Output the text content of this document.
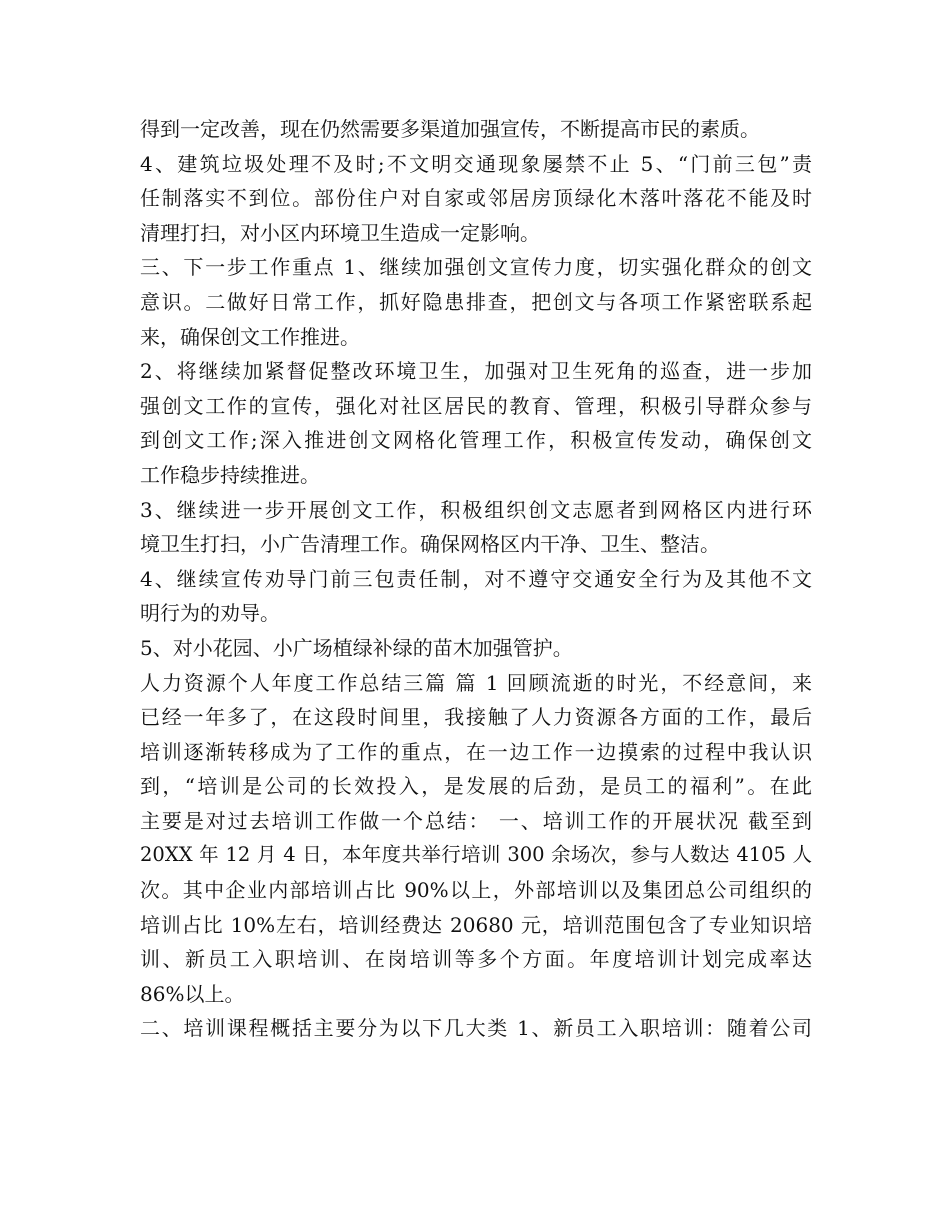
得到一定改善，现在仍然需要多渠道加强宣传，不断提高市民的素质。
4、建筑垃圾处理不及时;不文明交通现象屡禁不止 5、“门前三包”责
任制落实不到位。部份住户对自家或邻居房顶绿化木落叶落花不能及时
清理打扫，对小区内环境卫生造成一定影响。
三、下一步工作重点 1、继续加强创文宣传力度，切实强化群众的创文
意识。二做好日常工作，抓好隐患排查，把创文与各项工作紧密联系起
来，确保创文工作推进。
2、将继续加紧督促整改环境卫生，加强对卫生死角的巡查，进一步加
强创文工作的宣传，强化对社区居民的教育、管理，积极引导群众参与
到创文工作;深入推进创文网格化管理工作，积极宣传发动，确保创文
工作稳步持续推进。
3、继续进一步开展创文工作，积极组织创文志愿者到网格区内进行环
境卫生打扫，小广告清理工作。确保网格区内干净、卫生、整洁。
4、继续宣传劝导门前三包责任制，对不遵守交通安全行为及其他不文
明行为的劝导。
5、对小花园、小广场植绿补绿的苗木加强管护。
人力资源个人年度工作总结三篇 篇 1 回顾流逝的时光，不经意间，来
已经一年多了，在这段时间里，我接触了人力资源各方面的工作，最后
培训逐渐转移成为了工作的重点，在一边工作一边摸索的过程中我认识
到，“培训是公司的长效投入，是发展的后劲，是员工的福利”。在此
主要是对过去培训工作做一个总结： 一、培训工作的开展状况 截至到
20XX 年 12 月 4 日，本年度共举行培训 300 余场次，参与人数达 4105 人
次。其中企业内部培训占比 90%以上，外部培训以及集团总公司组织的
培训占比 10%左右，培训经费达 20680 元，培训范围包含了专业知识培
训、新员工入职培训、在岗培训等多个方面。年度培训计划完成率达
86%以上。
二、培训课程概括主要分为以下几大类 1、新员工入职培训：随着公司
